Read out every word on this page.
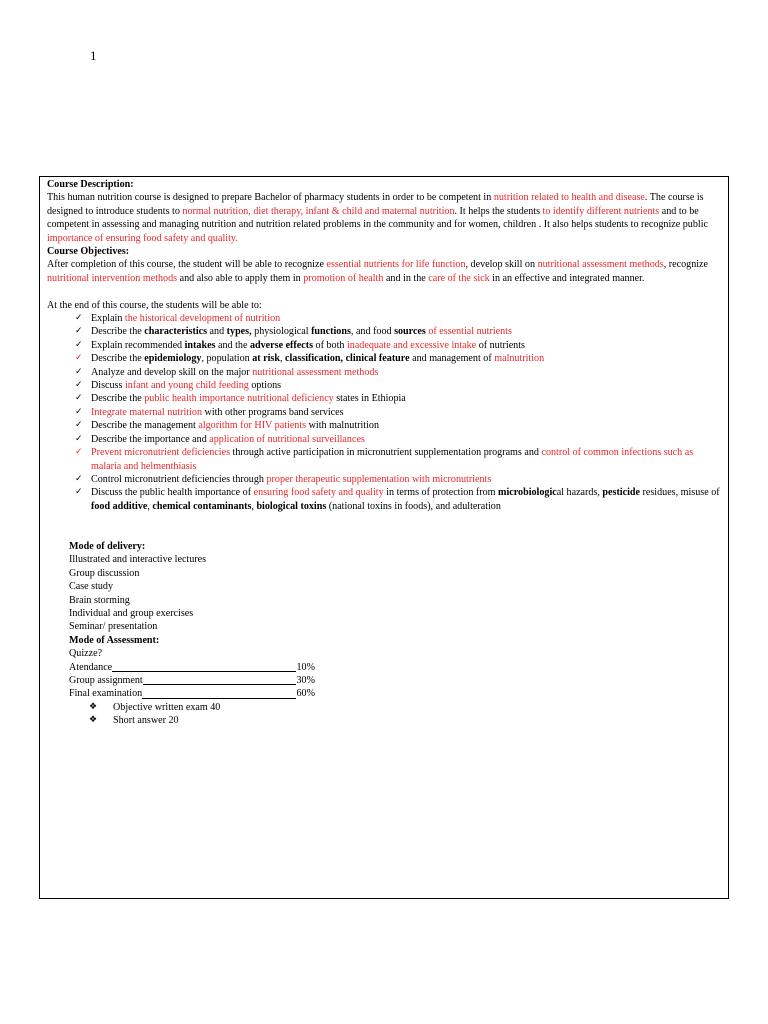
1

Course Description:

This human nutrition course is designed to prepare Bachelor of pharmacy students in order to be competent in nutrition related to health and disease. The course is designed to introduce students to normal nutrition, diet therapy, infant & child and maternal nutrition. It helps the students to identify different nutrients and to be competent in assessing and managing nutrition and nutrition related problems in the community and for women, children . It also helps students to recognize public importance of ensuring food safety and quality.

Course Objectives:

After completion of this course, the student will be able to recognize essential nutrients for life function, develop skill on nutritional assessment methods, recognize nutritional intervention methods and also able to apply them in promotion of health and in the care of the sick in an effective and integrated manner.

At the end of this course, the students will be able to:

✓ Explain the historical development of nutrition
✓ Describe the characteristics and types, physiological functions, and food sources of essential nutrients
✓ Explain recommended intakes and the adverse effects of both inadequate and excessive intake of nutrients
✓ Describe the epidemiology, population at risk, classification, clinical feature and management of malnutrition
✓ Analyze and develop skill on the major nutritional assessment methods
✓ Discuss infant and young child feeding options
✓ Describe the public health importance nutritional deficiency states in Ethiopia
✓ Integrate maternal nutrition with other programs band services
✓ Describe the management algorithm for HIV patients with malnutrition
✓ Describe the importance and application of nutritional surveillances
✓ Prevent micronutrient deficiencies through active participation in micronutrient supplementation programs and control of common infections such as malaria and helmenthiasis
✓ Control micronutrient deficiencies through proper therapeutic supplementation with micronutrients
✓ Discuss the public health importance of ensuring food safety and quality in terms of protection from microbiological hazards, pesticide residues, misuse of food additive, chemical contaminants, biological toxins (national toxins in foods), and adulteration

Mode of delivery:

Illustrated and interactive lectures

Group discussion

Case study

Brain storming

Individual and group exercises

Seminar/ presentation

Mode of Assessment:

Quizze?

Atendance	10%
Group assignment	30%
Final examination	60%
❖ Objective written exam 40
❖ Short answer 20
